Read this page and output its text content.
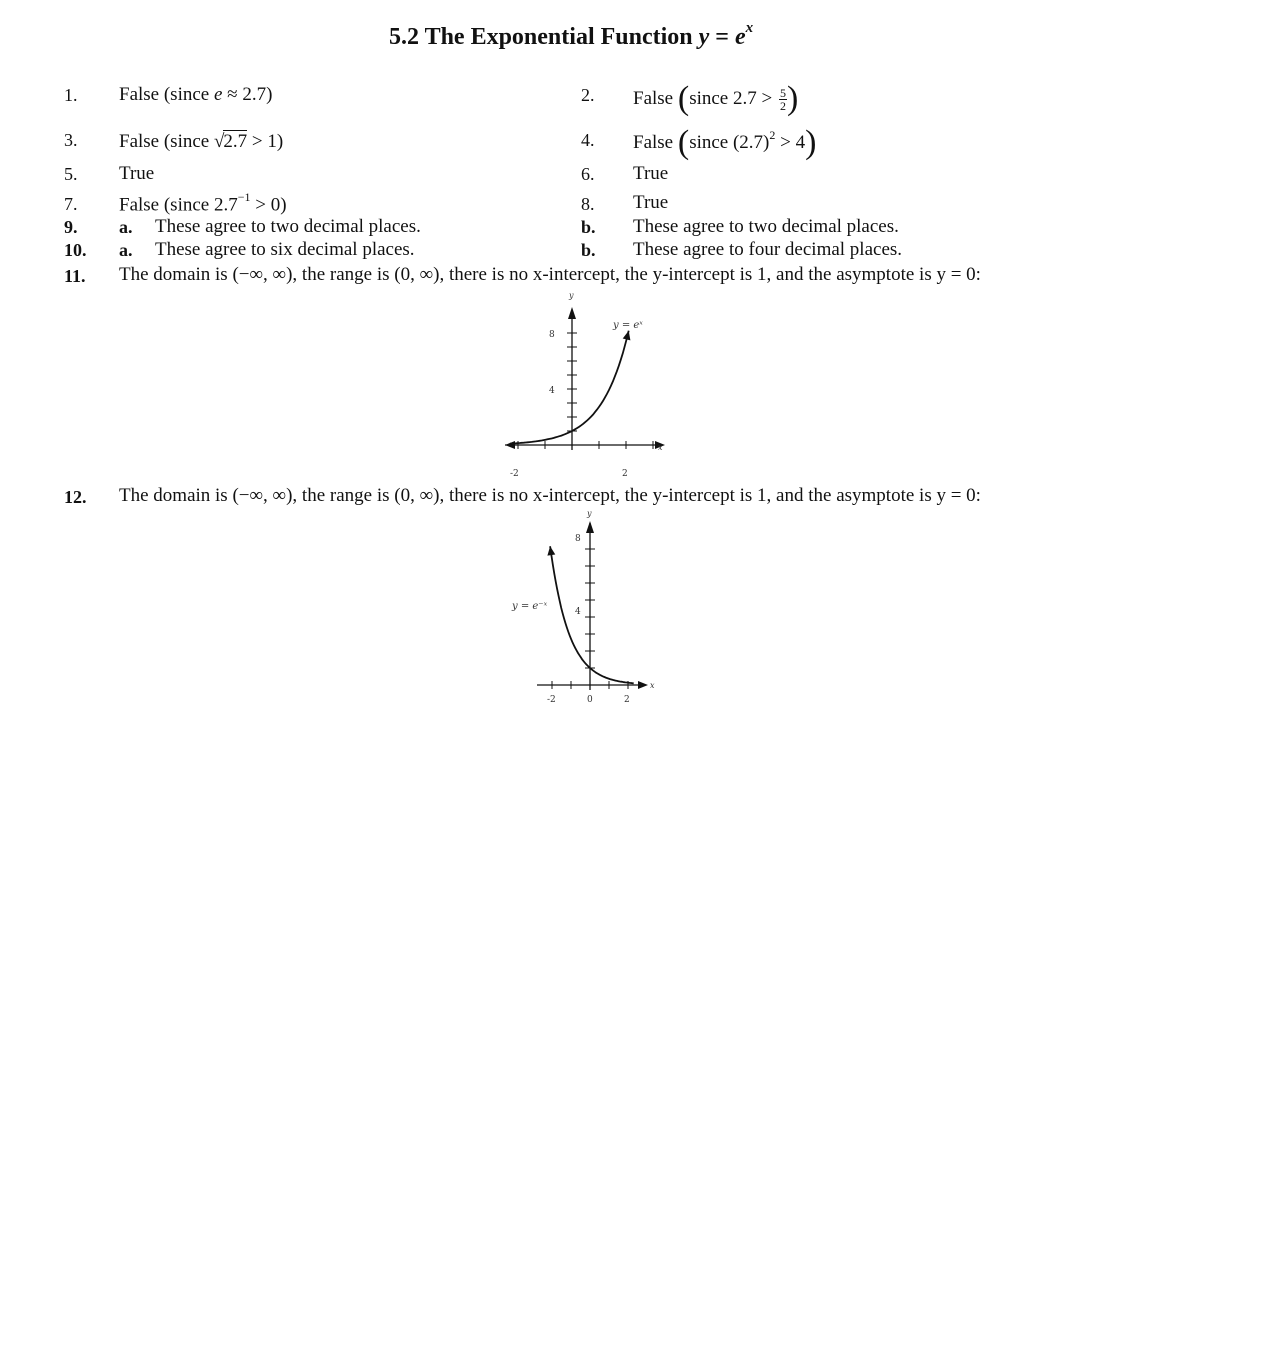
5.2 The Exponential Function $y = e^x$
1. False (since e ≈ 2.7)	2. False (since $2.7 > \frac{5}{2}$ )
3. False (since √2.7 > 1)	4. False (since $(2.7)^2 > 4$)
5. True	6. True
7. False (since $2.7^{-1} > 0$)	8. True
9. a. These agree to two decimal places.	b. These agree to two decimal places.
10. a. These agree to six decimal places.	b. These agree to four decimal places.
11. The domain is (−∞, ∞), the range is (0, ∞), there is no x-intercept, the y-intercept is 1, and the asymptote is y = 0:
y = eˣ
y
x
8
4
-2	2
12. The domain is (−∞, ∞), the range is (0, ∞), there is no x-intercept, the y-intercept is 1, and the asymptote is y = 0:
y = e⁻ˣ
y
x
8
4
-2	0	2
